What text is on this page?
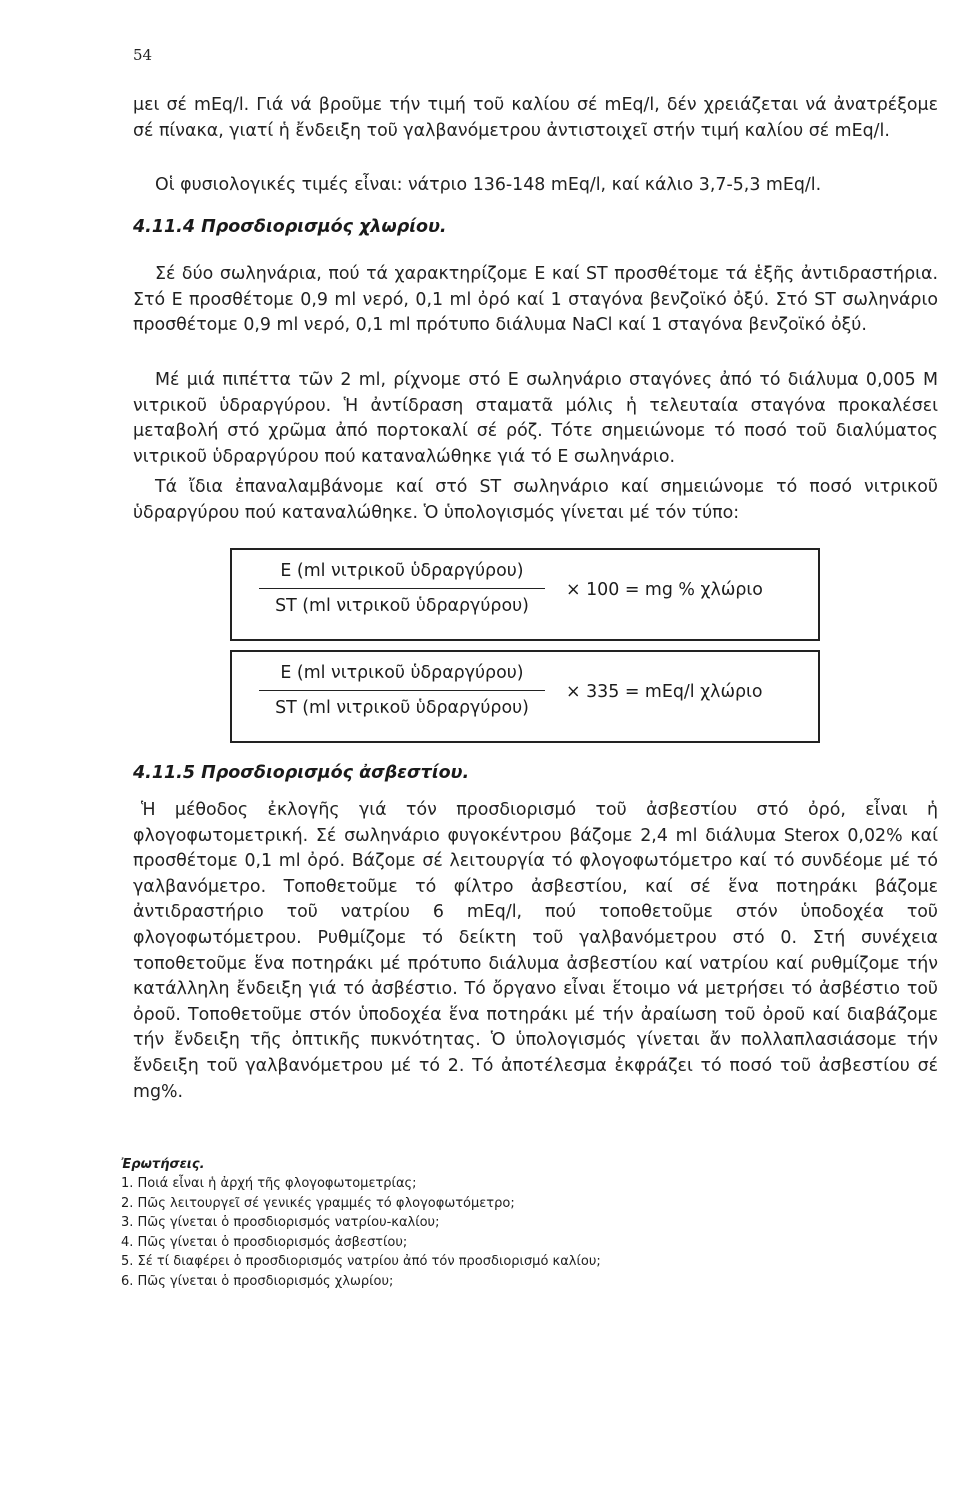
54

μει σέ mEq/l. Γιά νά βροῦμε τήν τιμή τοῦ καλίου σέ mEq/l, δέν χρειάζεται νά ἀνατρέξομε σέ πίνακα, γιατί ἡ ἔνδειξη τοῦ γαλβανόμετρου ἀντιστοιχεῖ στήν τιμή καλίου σέ mEq/l.

Οἱ φυσιολογικές τιμές εἶναι: νάτριο 136-148 mEq/l, καί κάλιο 3,7-5,3 mEq/l.

4.11.4 Προσδιορισμός χλωρίου.

Σέ δύο σωληνάρια, πού τά χαρακτηρίζομε E καί ST προσθέτομε τά ἑξῆς ἀντιδραστήρια. Στό E προσθέτομε 0,9 ml νερό, 0,1 ml ὀρό καί 1 σταγόνα βενζοϊκό ὀξύ. Στό ST σωληνάριο προσθέτομε 0,9 ml νερό, 0,1 ml πρότυπο διάλυμα NaCl καί 1 σταγόνα βενζοϊκό ὀξύ.

Μέ μιά πιπέττα τῶν 2 ml, ρίχνομε στό E σωληνάριο σταγόνες ἀπό τό διάλυμα 0,005 Μ νιτρικοῦ ὑδραργύρου. Ἡ ἀντίδραση σταματᾶ μόλις ἡ τελευταία σταγόνα προκαλέσει μεταβολή στό χρῶμα ἀπό πορτοκαλί σέ ρόζ. Τότε σημειώνομε τό ποσό τοῦ διαλύματος νιτρικοῦ ὑδραργύρου πού καταναλώθηκε γιά τό E σωληνάριο.

Τά ἴδια ἐπαναλαμβάνομε καί στό ST σωληνάριο καί σημειώνομε τό ποσό νιτρικοῦ ὑδραργύρου πού καταναλώθηκε. Ὁ ὑπολογισμός γίνεται μέ τόν τύπο:

E (ml νιτρικοῦ ὑδραργύρου)
ST (ml νιτρικοῦ ὑδραργύρου)
× 100 = mg % χλώριο
E (ml νιτρικοῦ ὑδραργύρου)
ST (ml νιτρικοῦ ὑδραργύρου)
× 335 = mEq/l χλώριο
4.11.5 Προσδιορισμός ἀσβεστίου.

Ἡ μέθοδος ἐκλογῆς γιά τόν προσδιορισμό τοῦ ἀσβεστίου στό ὀρό, εἶναι ἡ φλογοφωτομετρική. Σέ σωληνάριο φυγοκέντρου βάζομε 2,4 ml διάλυμα Sterox 0,02% καί προσθέτομε 0,1 ml ὀρό. Βάζομε σέ λειτουργία τό φλογοφωτόμετρο καί τό συνδέομε μέ τό γαλβανόμετρο. Τοποθετοῦμε τό φίλτρο ἀσβεστίου, καί σέ ἕνα ποτηράκι βάζομε ἀντιδραστήριο τοῦ νατρίου 6 mEq/l, πού τοποθετοῦμε στόν ὑποδοχέα τοῦ φλογοφωτόμετρου. Ρυθμίζομε τό δείκτη τοῦ γαλβανόμετρου στό 0. Στή συνέχεια τοποθετοῦμε ἕνα ποτηράκι μέ πρότυπο διάλυμα ἀσβεστίου καί νατρίου καί ρυθμίζομε τήν κατάλληλη ἔνδειξη γιά τό ἀσβέστιο. Τό ὄργανο εἶναι ἕτοιμο νά μετρήσει τό ἀσβέστιο τοῦ ὀροῦ. Τοποθετοῦμε στόν ὑποδοχέα ἕνα ποτηράκι μέ τήν ἀραίωση τοῦ ὀροῦ καί διαβάζομε τήν ἔνδειξη τῆς ὀπτικῆς πυκνότητας. Ὁ ὑπολογισμός γίνεται ἄν πολλαπλασιάσομε τήν ἔνδειξη τοῦ γαλβανόμετρου μέ τό 2. Τό ἀποτέλεσμα ἐκφράζει τό ποσό τοῦ ἀσβεστίου σέ mg%.

Ἐρωτήσεις.
1. Ποιά εἶναι ἡ ἀρχή τῆς φλογοφωτομετρίας;
2. Πῶς λειτουργεῖ σέ γενικές γραμμές τό φλογοφωτόμετρο;
3. Πῶς γίνεται ὁ προσδιορισμός νατρίου-καλίου;
4. Πῶς γίνεται ὁ προσδιορισμός ἀσβεστίου;
5. Σέ τί διαφέρει ὁ προσδιορισμός νατρίου ἀπό τόν προσδιορισμό καλίου;
6. Πῶς γίνεται ὁ προσδιορισμός χλωρίου;
